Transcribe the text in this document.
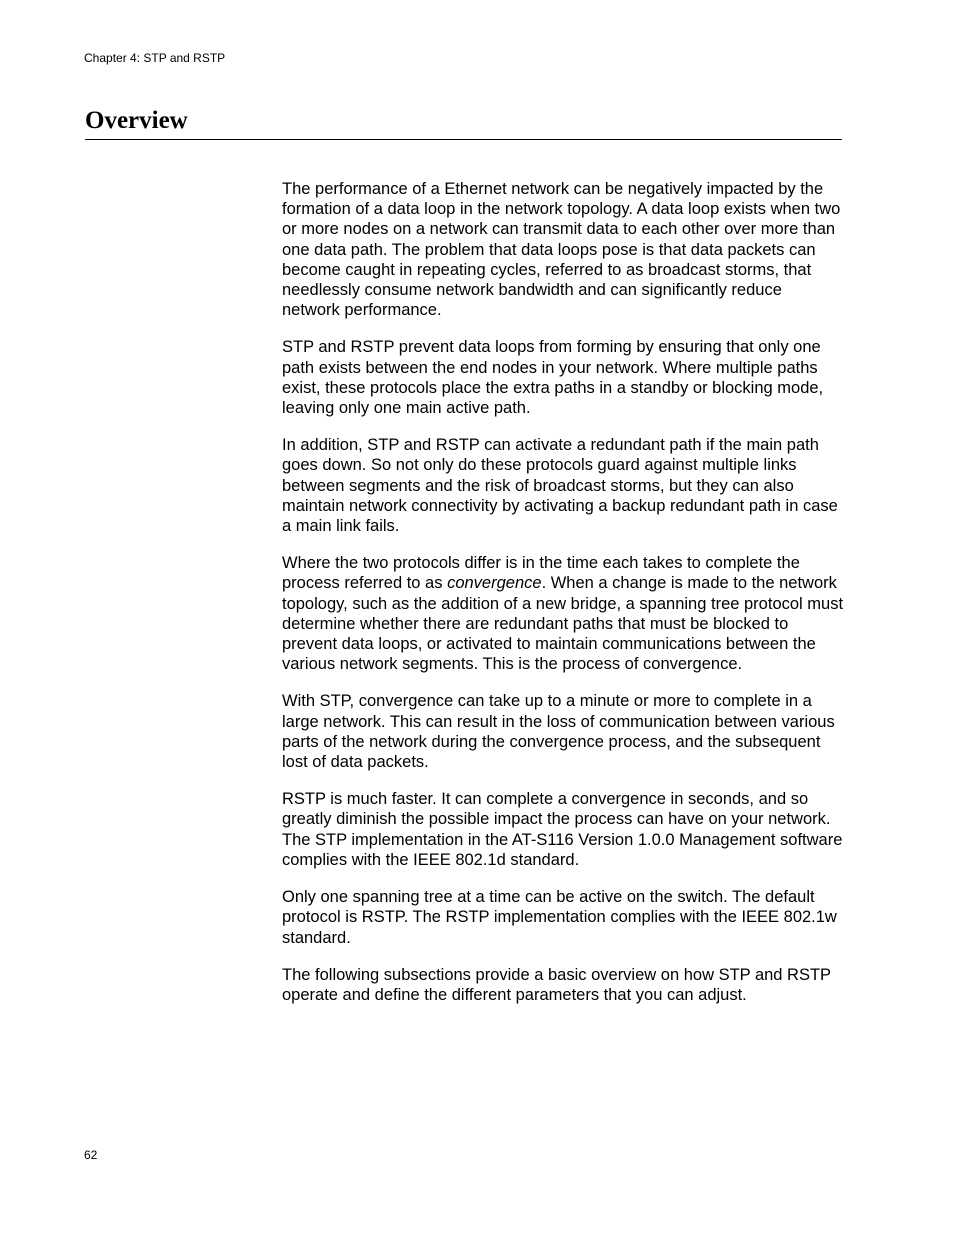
Chapter 4: STP and RSTP
Overview

The performance of a Ethernet network can be negatively impacted by the formation of a data loop in the network topology. A data loop exists when two or more nodes on a network can transmit data to each other over more than one data path. The problem that data loops pose is that data packets can become caught in repeating cycles, referred to as broadcast storms, that needlessly consume network bandwidth and can significantly reduce network performance.

STP and RSTP prevent data loops from forming by ensuring that only one path exists between the end nodes in your network. Where multiple paths exist, these protocols place the extra paths in a standby or blocking mode, leaving only one main active path.

In addition, STP and RSTP can activate a redundant path if the main path goes down. So not only do these protocols guard against multiple links between segments and the risk of broadcast storms, but they can also maintain network connectivity by activating a backup redundant path in case a main link fails.

Where the two protocols differ is in the time each takes to complete the process referred to as convergence. When a change is made to the network topology, such as the addition of a new bridge, a spanning tree protocol must determine whether there are redundant paths that must be blocked to prevent data loops, or activated to maintain communications between the various network segments. This is the process of convergence.

With STP, convergence can take up to a minute or more to complete in a large network. This can result in the loss of communication between various parts of the network during the convergence process, and the subsequent lost of data packets.

RSTP is much faster. It can complete a convergence in seconds, and so greatly diminish the possible impact the process can have on your network. The STP implementation in the AT-S116 Version 1.0.0 Management software complies with the IEEE 802.1d standard.

Only one spanning tree at a time can be active on the switch. The default protocol is RSTP. The RSTP implementation complies with the IEEE 802.1w standard.

The following subsections provide a basic overview on how STP and RSTP operate and define the different parameters that you can adjust.

62
